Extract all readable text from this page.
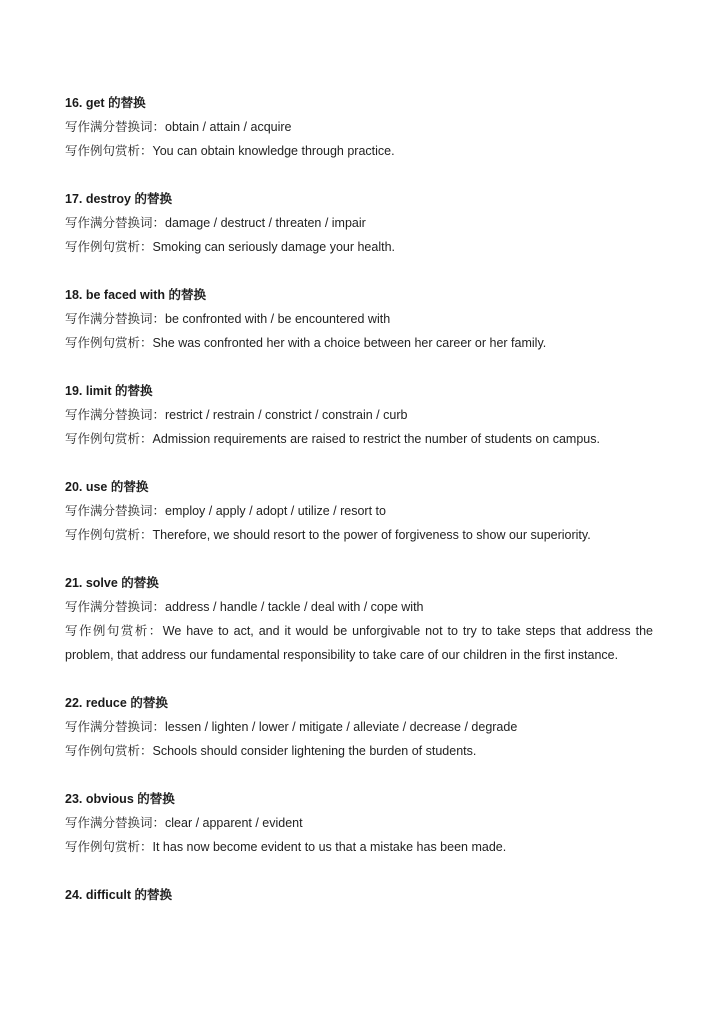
16. get 的替换
写作满分替换词：obtain / attain / acquire
写作例句赏析：You can obtain knowledge through practice.
17. destroy 的替换
写作满分替换词：damage / destruct / threaten / impair
写作例句赏析：Smoking can seriously damage your health.
18. be faced with 的替换
写作满分替换词：be confronted with / be encountered with
写作例句赏析：She was confronted her with a choice between her career or her family.
19. limit 的替换
写作满分替换词：restrict / restrain / constrict / constrain / curb
写作例句赏析：Admission requirements are raised to restrict the number of students on campus.
20. use 的替换
写作满分替换词：employ / apply / adopt / utilize / resort to
写作例句赏析：Therefore, we should resort to the power of forgiveness to show our superiority.
21. solve 的替换
写作满分替换词：address / handle / tackle / deal with / cope with
写作例句赏析：We have to act, and it would be unforgivable not to try to take steps that address the problem, that address our fundamental responsibility to take care of our children in the first instance.
22. reduce 的替换
写作满分替换词：lessen / lighten / lower / mitigate / alleviate / decrease / degrade
写作例句赏析：Schools should consider lightening the burden of students.
23. obvious 的替换
写作满分替换词：clear / apparent / evident
写作例句赏析：It has now become evident to us that a mistake has been made.
24. difficult 的替换
